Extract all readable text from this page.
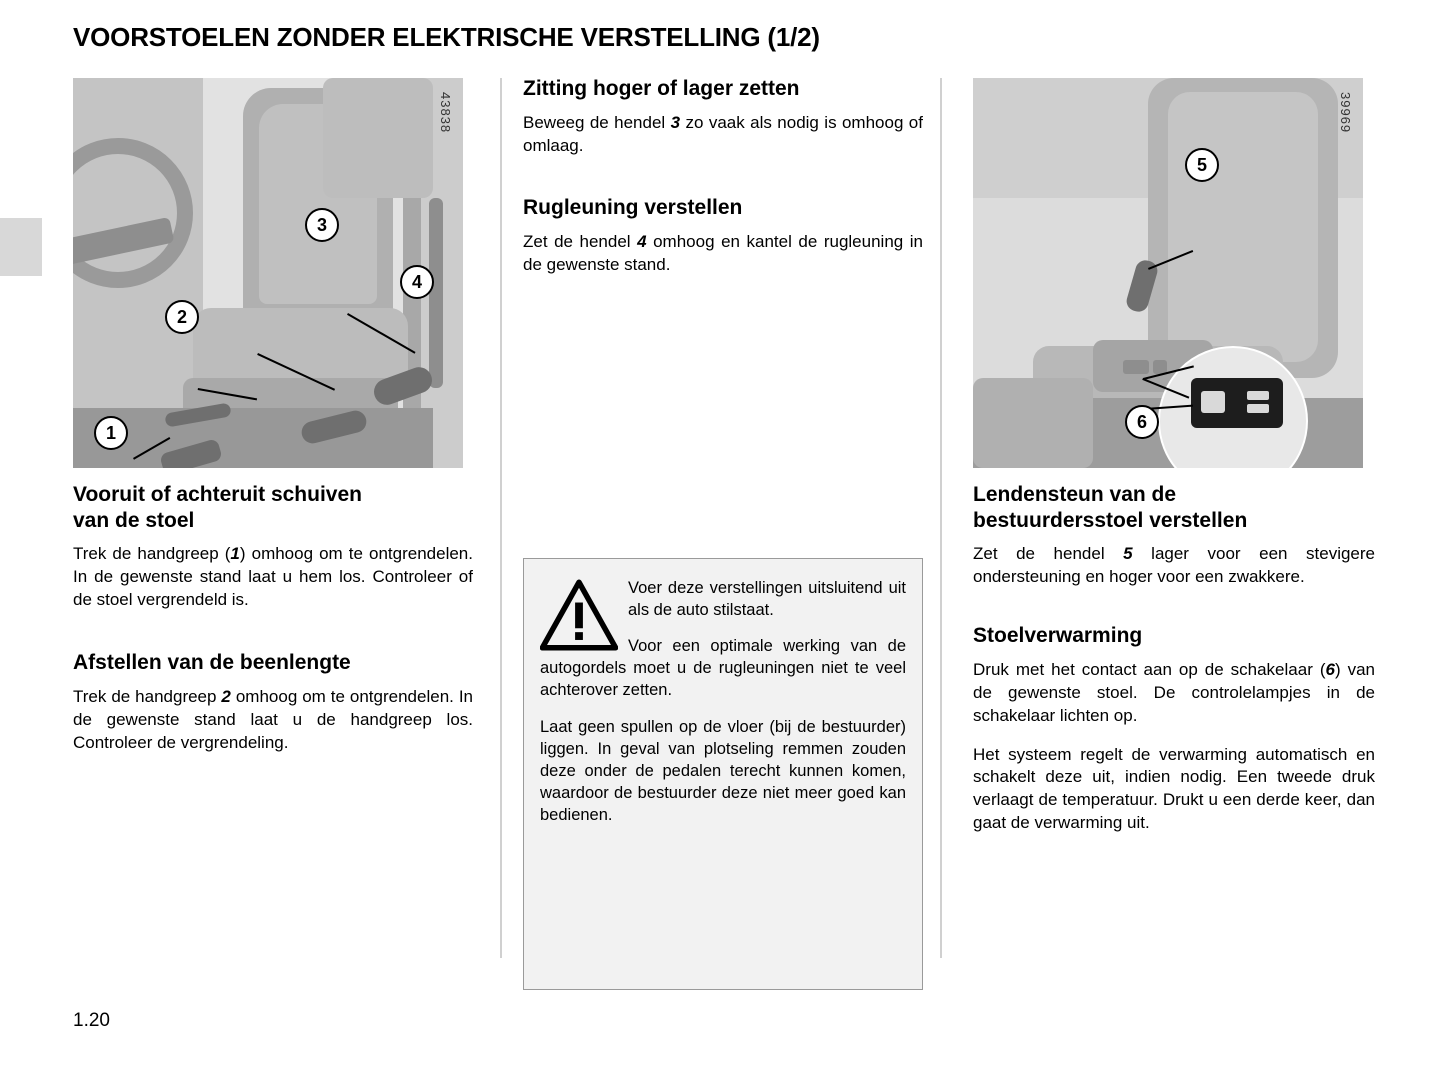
VOORSTOELEN ZONDER ELEKTRISCHE VERSTELLING (1/2)
43838
1
2
3
4
39969
5
6
Vooruit of achteruit schuiven
van de stoel

Trek de handgreep (1) omhoog om te ontgrendelen. In de gewenste stand laat u hem los. Controleer of de stoel vergrendeld is.

Afstellen van de beenlengte

Trek de handgreep 2 omhoog om te ontgrendelen. In de gewenste stand laat u de handgreep los. Controleer de vergrendeling.

Zitting hoger of lager zetten

Beweeg de hendel 3 zo vaak als nodig is omhoog of omlaag.

Rugleuning verstellen

Zet de hendel 4 omhoog en kantel de rugleuning in de gewenste stand.

Voer deze verstellingen uitsluitend uit als de auto stilstaat.

Voor een optimale werking van de autogordels moet u de rugleuningen niet te veel achterover zetten.

Laat geen spullen op de vloer (bij de bestuurder) liggen. In geval van plotseling remmen zouden deze onder de pedalen terecht kunnen komen, waardoor de bestuurder deze niet meer goed kan bedienen.

Lendensteun van de
bestuurdersstoel verstellen

Zet de hendel 5 lager voor een stevigere ondersteuning en hoger voor een zwakkere.

Stoelverwarming

Druk met het contact aan op de schakelaar (6) van de gewenste stoel. De controlelampjes in de schakelaar lichten op.

Het systeem regelt de verwarming automatisch en schakelt deze uit, indien nodig. Een tweede druk verlaagt de temperatuur. Drukt u een derde keer, dan gaat de verwarming uit.

1.20
